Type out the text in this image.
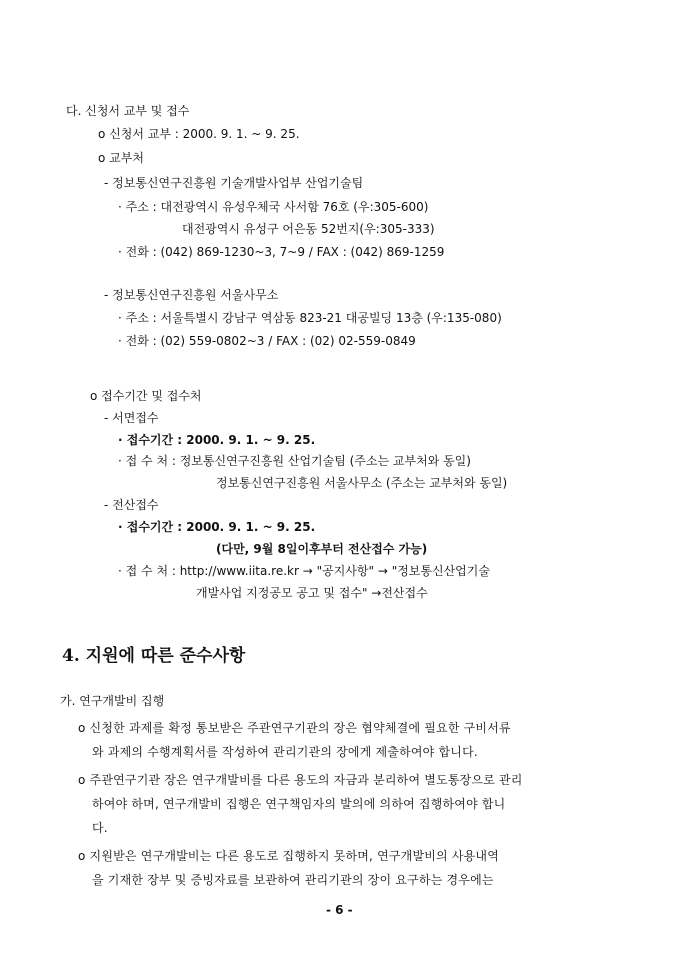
다. 신청서 교부 및 접수
o 신청서 교부 : 2000. 9. 1. ~ 9. 25.
o 교부처
- 정보통신연구진흥원 기술개발사업부 산업기술팀
· 주소 : 대전광역시 유성우체국 사서함 76호 (우:305-600)
대전광역시 유성구 어은동 52번지(우:305-333)
· 전화 : (042) 869-1230~3, 7~9 / FAX : (042) 869-1259
- 정보통신연구진흥원 서울사무소
· 주소 : 서울특별시 강남구 역삼동 823-21 대공빌딩 13층 (우:135-080)
· 전화 : (02) 559-0802~3 / FAX : (02) 02-559-0849
o 접수기간 및 접수처
- 서면접수
· 접수기간 : 2000. 9. 1. ~ 9. 25.
· 접 수 처 : 정보통신연구진흥원 산업기술팀 (주소는 교부처와 동일)
정보통신연구진흥원 서울사무소 (주소는 교부처와 동일)
- 전산접수
· 접수기간 : 2000. 9. 1. ~ 9. 25.
(다만, 9월 8일이후부터 전산접수 가능)
· 접 수 처 : http://www.iita.re.kr → "공지사항" → "정보통신산업기술
개발사업 지정공모 공고 및 접수" →전산접수
4. 지원에 따른 준수사항
가. 연구개발비 집행
o 신청한 과제를 확정 통보받은 주관연구기관의 장은 협약체결에 필요한 구비서류
와 과제의 수행계획서를 작성하여 관리기관의 장에게 제출하여야 합니다.
o 주관연구기관 장은 연구개발비를 다른 용도의 자금과 분리하여 별도통장으로 관리
하여야 하며, 연구개발비 집행은 연구책임자의 발의에 의하여 집행하여야 합니
다.
o 지원받은 연구개발비는 다른 용도로 집행하지 못하며, 연구개발비의 사용내역
을 기재한 장부 및 증빙자료를 보관하여 관리기관의 장이 요구하는 경우에는
- 6 -
